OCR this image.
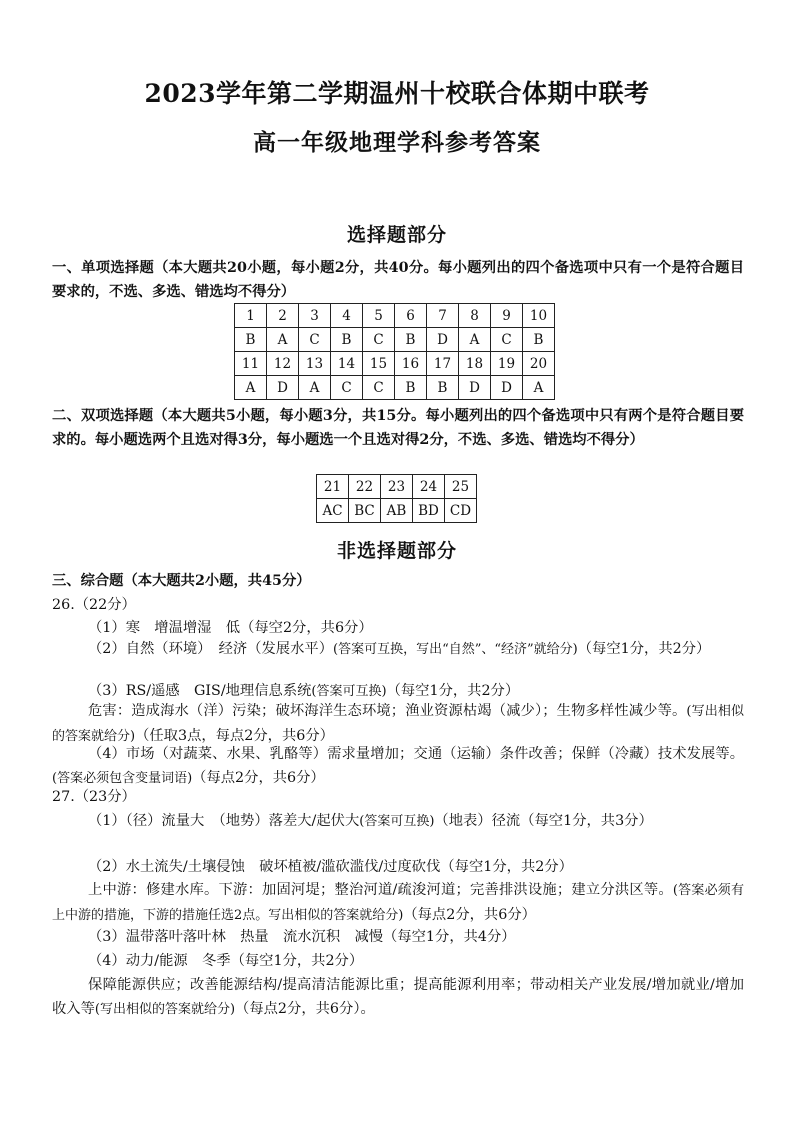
2023学年第二学期温州十校联合体期中联考
高一年级地理学科参考答案
选择题部分
一、单项选择题（本大题共20小题，每小题2分，共40分。每小题列出的四个备选项中只有一个是符合题目要求的，不选、多选、错选均不得分）
1	2	3	4	5	6	7	8	9	10
B	A	C	B	C	B	D	A	C	B
11	12	13	14	15	16	17	18	19	20
A	D	A	C	C	B	B	D	D	A
二、双项选择题（本大题共5小题，每小题3分，共15分。每小题列出的四个备选项中只有两个是符合题目要求的。每小题选两个且选对得3分，每小题选一个且选对得2分，不选、多选、错选均不得分）
21	22	23	24	25
AC	BC	AB	BD	CD
非选择题部分
三、综合题（本大题共2小题，共45分）
26.（22分）
（1）寒　增温增湿　低（每空2分，共6分）
（2）自然（环境）　经济（发展水平）(答案可互换，写出“自然”、“经济”就给分)（每空1分，共2分）
（3）RS/遥感　GIS/地理信息系统(答案可互换)（每空1分，共2分）
危害：造成海水（洋）污染；破坏海洋生态环境；渔业资源枯竭（减少）；生物多样性减少等。(写出相似的答案就给分)（任取3点，每点2分，共6分）
（4）市场（对蔬菜、水果、乳酪等）需求量增加；交通（运输）条件改善；保鲜（冷藏）技术发展等。(答案必须包含变量词语)（每点2分，共6分）
27.（23分）
（1）（径）流量大　（地势）落差大/起伏大(答案可互换)（地表）径流（每空1分，共3分）
（2）水土流失/土壤侵蚀　破坏植被/滥砍滥伐/过度砍伐（每空1分，共2分）
上中游：修建水库。下游：加固河堤；整治河道/疏浚河道；完善排洪设施；建立分洪区等。(答案必须有上中游的措施，下游的措施任选2点。写出相似的答案就给分)（每点2分，共6分）
（3）温带落叶落叶林　热量　流水沉积　减慢（每空1分，共4分）
（4）动力/能源　冬季（每空1分，共2分）
保障能源供应；改善能源结构/提高清洁能源比重；提高能源利用率；带动相关产业发展/增加就业/增加收入等(写出相似的答案就给分)（每点2分，共6分）。
